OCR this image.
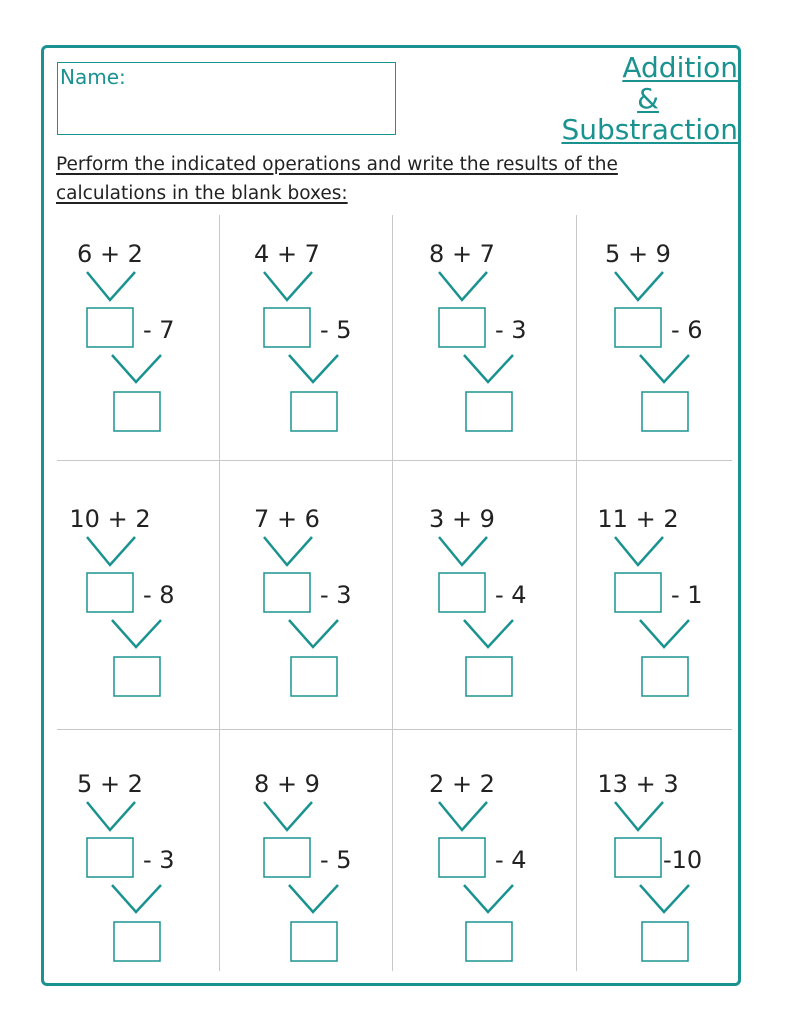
Name:	Addition
&
Substraction
Perform the indicated operations and write the results of the calculations in the blank boxes:
6 + 2
- 7
4 + 7
- 5
8 + 7
- 3
5 + 9
- 6
10 + 2
- 8
7 + 6
- 3
3 + 9
- 4
11 + 2
- 1
5 + 2
- 3
8 + 9
- 5
2 + 2
- 4
13 + 3
-10
